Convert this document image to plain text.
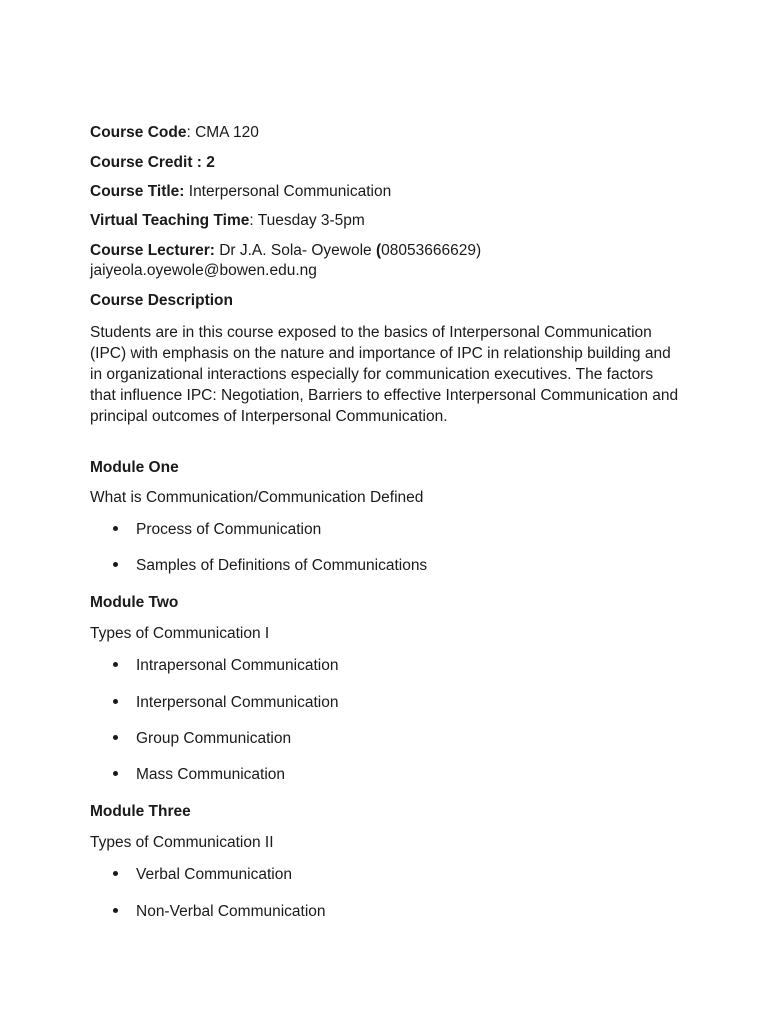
Course Code: CMA 120
Course Credit : 2
Course Title: Interpersonal Communication
Virtual Teaching Time: Tuesday 3-5pm
Course Lecturer: Dr J.A. Sola- Oyewole (08053666629)
jaiyeola.oyewole@bowen.edu.ng
Course Description
Students are in this course exposed to the basics of Interpersonal Communication (IPC) with emphasis on the nature and importance of IPC in relationship building and in organizational interactions especially for communication executives. The factors that influence IPC: Negotiation, Barriers to effective Interpersonal Communication and principal outcomes of Interpersonal Communication.
Module One
What is Communication/Communication Defined
Process of Communication
Samples of Definitions of Communications
Module Two
Types of Communication I
Intrapersonal Communication
Interpersonal Communication
Group Communication
Mass Communication
Module Three
Types of Communication II
Verbal Communication
Non-Verbal Communication
